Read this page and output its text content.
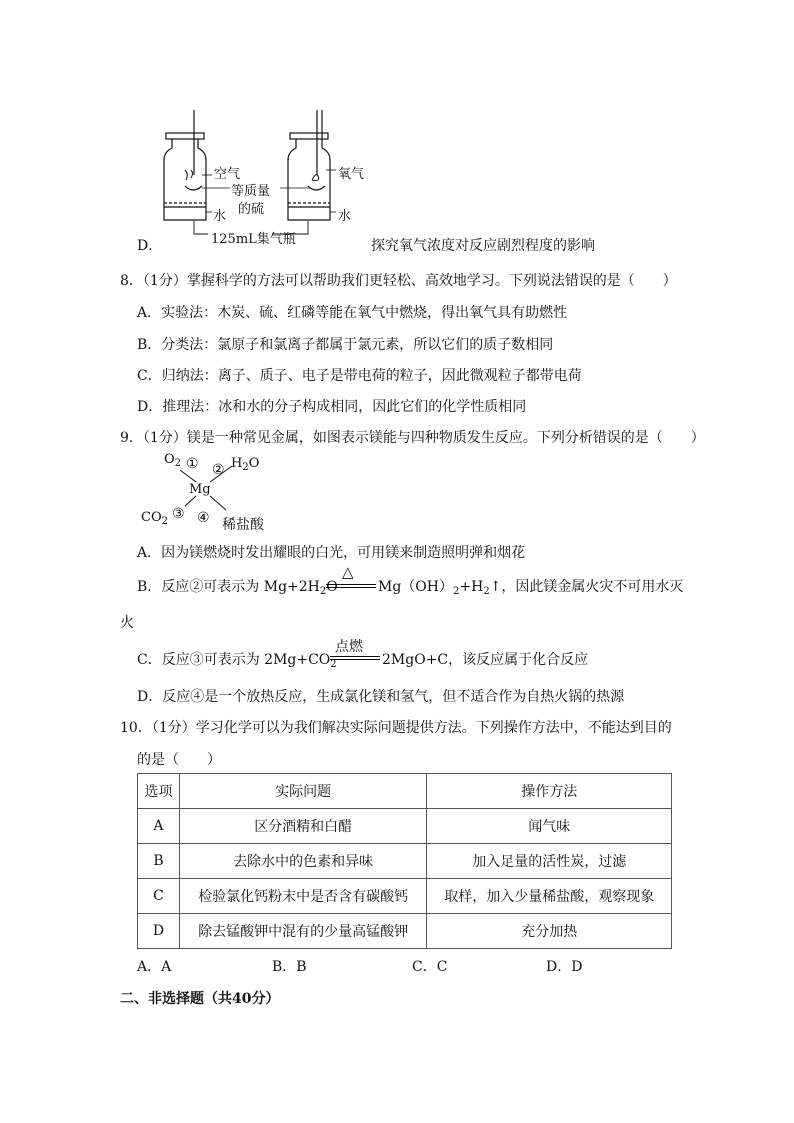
空气
等质量
的硫
水
氧气
水
125mL集气瓶
D．	探究氧气浓度对反应剧烈程度的影响
8．（1分）掌握科学的方法可以帮助我们更轻松、高效地学习。下列说法错误的是（　　）
A．实验法：木炭、硫、红磷等能在氧气中燃烧，得出氧气具有助燃性
B．分类法：氯原子和氯离子都属于氯元素，所以它们的质子数相同
C．归纳法：离子、质子、电子是带电荷的粒子，因此微观粒子都带电荷
D．推理法：冰和水的分子构成相同，因此它们的化学性质相同
9．（1分）镁是一种常见金属，如图表示镁能与四种物质发生反应。下列分析错误的是（　　）
$O_2$ ① ② $H_2O$
Mg
$CO_2$ ③ ④ 稀盐酸
A．因为镁燃烧时发出耀眼的白光，可用镁来制造照明弹和烟花
B．反应②可表示为 $Mg+2H_2O$
△
$Mg(OH)_2+H_2↑$，因此镁金属火灾不可用水灭
火
C．反应③可表示为 $2Mg+CO_2$
点燃
2MgO+C，该反应属于化合反应
D．反应④是一个放热反应，生成氯化镁和氢气，但不适合作为自热火锅的热源
10．（1分）学习化学可以为我们解决实际问题提供方法。下列操作方法中，不能达到目的
的是（　　）
选项	实际问题	操作方法
A	区分酒精和白醋	闻气味
B	去除水中的色素和异味	加入足量的活性炭，过滤
C	检验氯化钙粉末中是否含有碳酸钙	取样，加入少量稀盐酸，观察现象
D	除去锰酸钾中混有的少量高锰酸钾	充分加热
A．A	B．B	C．C	D．D
二、非选择题（共40分）
